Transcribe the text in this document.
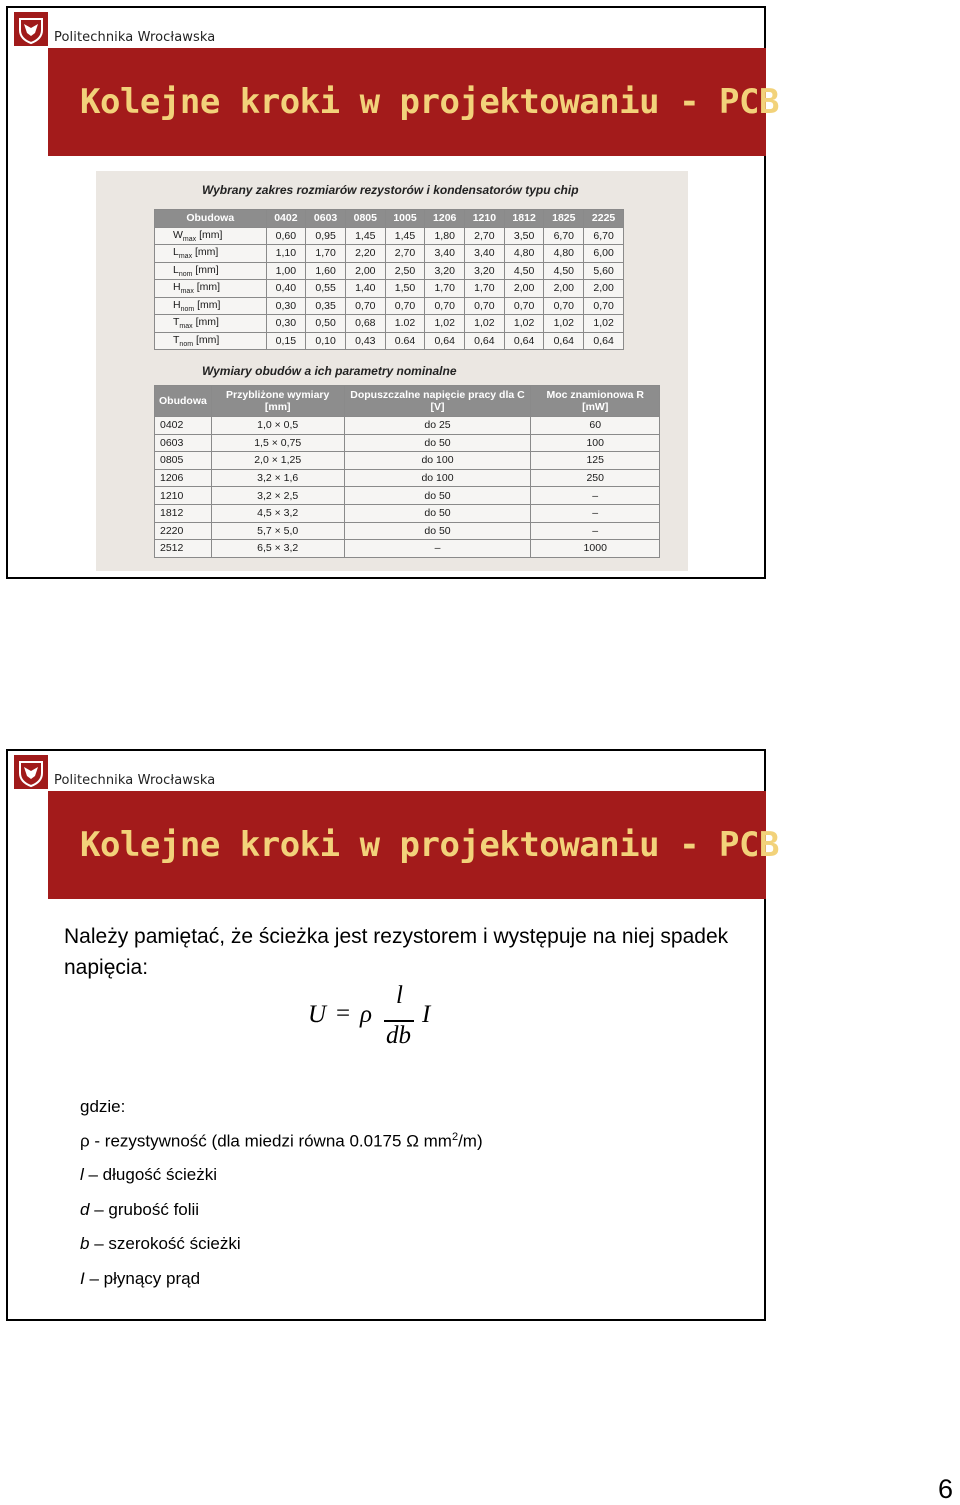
Politechnika Wrocławska
Kolejne kroki w projektowaniu - PCB
Wybrany zakres rozmiarów rezystorów i kondensatorów typu chip
Obudowa	0402	0603	0805	1005	1206	1210	1812	1825	2225
$W_{max}$ [mm]	0,60	0,95	1,45	1,45	1,80	2,70	3,50	6,70	6,70
$L_{max}$ [mm]	1,10	1,70	2,20	2,70	3,40	3,40	4,80	4,80	6,00
$L_{nom}$ [mm]	1,00	1,60	2,00	2,50	3,20	3,20	4,50	4,50	5,60
$H_{max}$ [mm]	0,40	0,55	1,40	1,50	1,70	1,70	2,00	2,00	2,00
$H_{nom}$ [mm]	0,30	0,35	0,70	0,70	0,70	0,70	0,70	0,70	0,70
$T_{max}$ [mm]	0,30	0,50	0,68	1.02	1,02	1,02	1,02	1,02	1,02
$T_{nom}$ [mm]	0,15	0,10	0,43	0.64	0,64	0,64	0,64	0,64	0,64
Wymiary obudów a ich parametry nominalne
Obudowa	Przybliżone wymiary [mm]	Dopuszczalne napięcie pracy dla C [V]	Moc znamionowa R [mW]
0402	1,0 × 0,5	do 25	60
0603	1,5 × 0,75	do 50	100
0805	2,0 × 1,25	do 100	125
1206	3,2 × 1,6	do 100	250
1210	3,2 × 2,5	do 50	–
1812	4,5 × 3,2	do 50	–
2220	5,7 × 5,0	do 50	–
2512	6,5 × 3,2	–	1000
Politechnika Wrocławska
Kolejne kroki w projektowaniu - PCB
Należy pamiętać, że ścieżka jest rezystorem i występuje na niej spadek napięcia:
U = ρ
l
db
I
gdzie:
ρ - rezystywność (dla miedzi równa 0.0175 Ω $mm^2/m$)
l – długość ścieżki
d – grubość folii
b – szerokość ścieżki
I – płynący prąd
6
